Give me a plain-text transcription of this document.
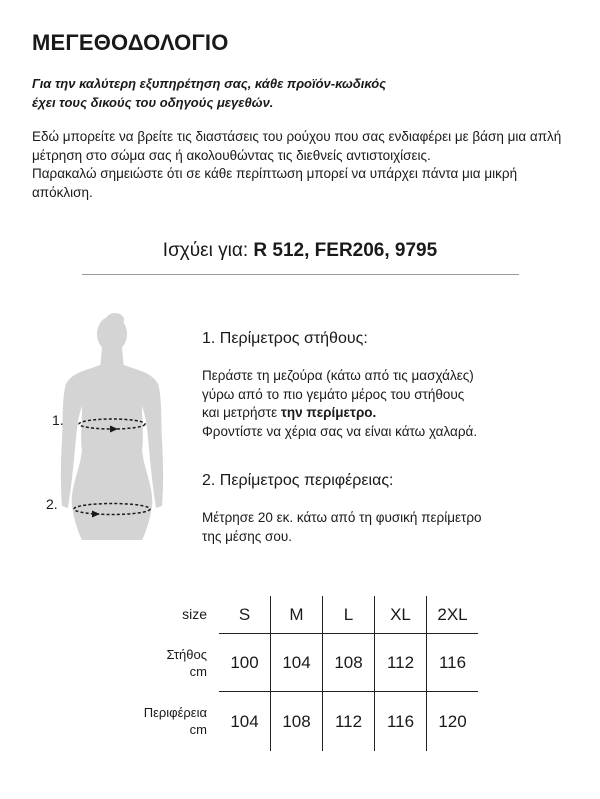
ΜΕΓΕΘΟΔΟΛΟΓΙΟ
Για την καλύτερη εξυπηρέτηση σας, κάθε προϊόν-κωδικός
έχει τους δικούς του οδηγούς μεγεθών.

Εδώ μπορείτε να βρείτε τις διαστάσεις του ρούχου που σας ενδιαφέρει με βάση μια απλή μέτρηση στο σώμα σας ή ακολουθώντας τις διεθνείς αντιστοιχίσεις.

Παρακαλώ σημειώστε ότι σε κάθε περίπτωση μπορεί να υπάρχει πάντα μια μικρή απόκλιση.

Ισχύει για: R 512, FER206, 9795
1.
2.
1. Περίμετρος στήθους:

Περάστε τη μεζούρα (κάτω από τις μασχάλες)

γύρω από το πιο γεμάτο μέρος του στήθους

και μετρήστε την περίμετρο.

Φροντίστε να χέρια σας να είναι κάτω χαλαρά.

2. Περίμετρος περιφέρειας:

Μέτρησε 20 εκ. κάτω από τη φυσική περίμετρο

της μέσης σου.

size	S	M	L	XL	2XL

Στήθος
cm	100	104	108	112	116

Περιφέρεια
cm	104	108	112	116	120
